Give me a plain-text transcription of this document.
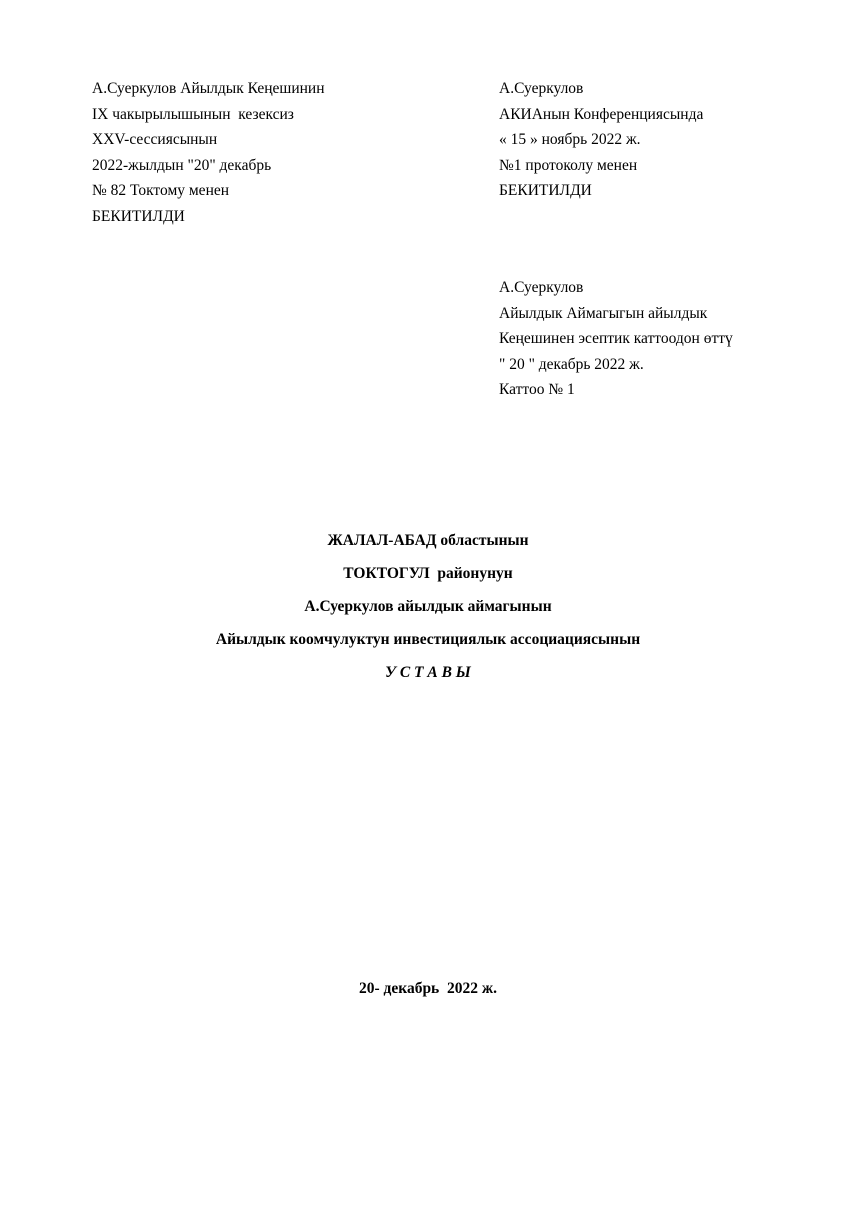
А.Суеркулов Айылдык Кеңешинин
IX чакырылышынын  кезексиз
XXV-сессиясынын
2022-жылдын "20" декабрь
№ 82 Токтому менен
БЕКИТИЛДИ
А.Суеркулов
АКИАнын Конференциясында
« 15 » ноябрь 2022 ж.
№1 протоколу менен
БЕКИТИЛДИ
А.Суеркулов
Айылдык Аймагыгын айылдык
Кеңешинен эсептик каттоодон өттү
" 20 " декабрь 2022 ж.
Каттоо № 1
ЖАЛАЛ-АБАД областынын
ТОКТОГУЛ  районунун
А.Суеркулов айылдык аймагынын
Айылдык коомчулуктун инвестициялык ассоциациясынын
У С Т А В Ы
20- декабрь  2022 ж.
